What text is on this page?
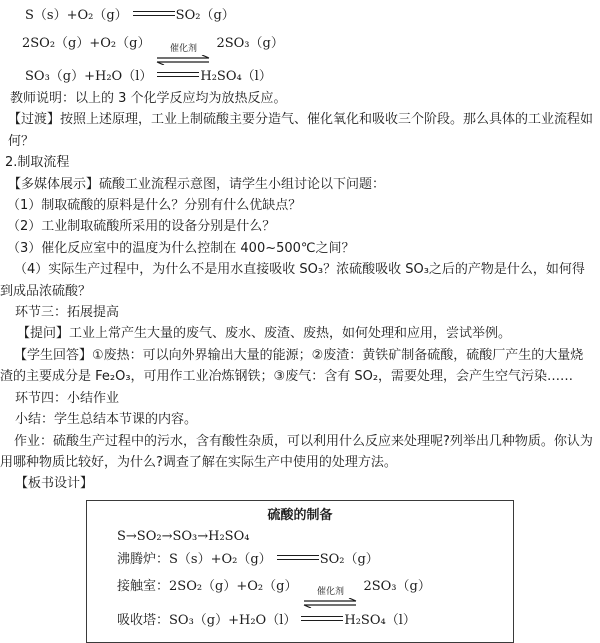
S（s）+O₂（g）	SO₂（g）
2SO₂（g）+O₂（g）	催化剂	2SO₃（g）
SO₃（g）+H₂O（l）	H₂SO₄（l）

教师说明：以上的 3 个化学反应均为放热反应。

【过渡】按照上述原理，工业上制硫酸主要分造气、催化氧化和吸收三个阶段。那么具体的工业流程如何？

2.制取流程

【多媒体展示】硫酸工业流程示意图，请学生小组讨论以下问题：

（1）制取硫酸的原料是什么？分别有什么优缺点？

（2）工业制取硫酸所采用的设备分别是什么？

（3）催化反应室中的温度为什么控制在 400~500℃之间？

（4）实际生产过程中，为什么不是用水直接吸收 SO₃？浓硫酸吸收 SO₃之后的产物是什么，如何得到成品浓硫酸？

环节三：拓展提高

【提问】工业上常产生大量的废气、废水、废渣、废热，如何处理和应用，尝试举例。

【学生回答】①废热：可以向外界输出大量的能源；②废渣：黄铁矿制备硫酸，硫酸厂产生的大量烧渣的主要成分是 Fe₂O₃，可用作工业冶炼钢铁；③废气：含有 SO₂，需要处理，会产生空气污染……

环节四：小结作业

小结：学生总结本节课的内容。

作业：硫酸生产过程中的污水，含有酸性杂质，可以利用什么反应来处理呢?列举出几种物质。你认为用哪种物质比较好，为什么?调查了解在实际生产中使用的处理方法。

【板书设计】

硫酸的制备
S→SO₂→SO₃→H₂SO₄
沸腾炉：S（s）+O₂（g）	SO₂（g）
接触室：2SO₂（g）+O₂（g）	催化剂	2SO₃（g）
吸收塔：SO₃（g）+H₂O（l）	H₂SO₄（l）
